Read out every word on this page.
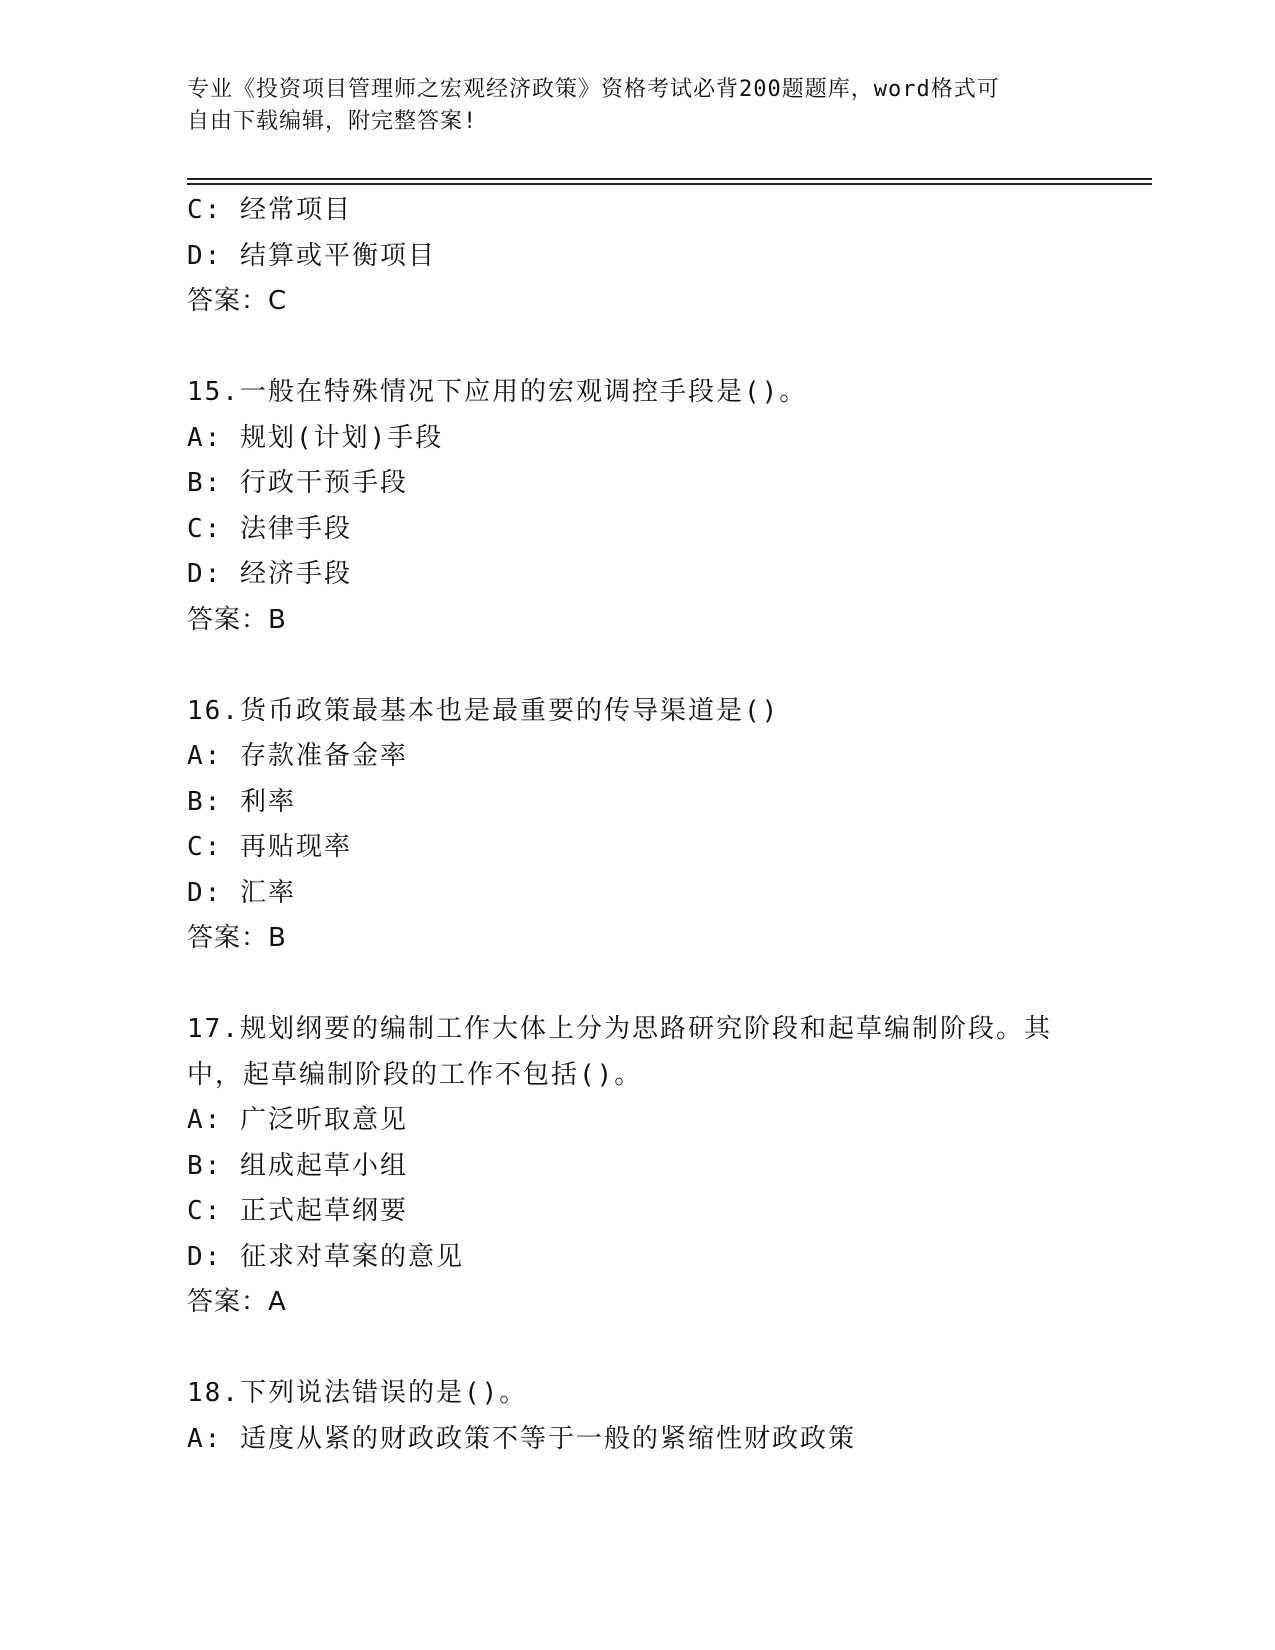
专业《投资项目管理师之宏观经济政策》资格考试必背200题题库，word格式可
自由下载编辑，附完整答案!
C: 经常项目
D: 结算或平衡项目
答案：C
15.一般在特殊情况下应用的宏观调控手段是()。
A: 规划(计划)手段
B: 行政干预手段
C: 法律手段
D: 经济手段
答案：B
16.货币政策最基本也是最重要的传导渠道是()
A: 存款准备金率
B: 利率
C: 再贴现率
D: 汇率
答案：B
17.规划纲要的编制工作大体上分为思路研究阶段和起草编制阶段。其
中，起草编制阶段的工作不包括()。
A: 广泛听取意见
B: 组成起草小组
C: 正式起草纲要
D: 征求对草案的意见
答案：A
18.下列说法错误的是()。
A: 适度从紧的财政政策不等于一般的紧缩性财政政策
